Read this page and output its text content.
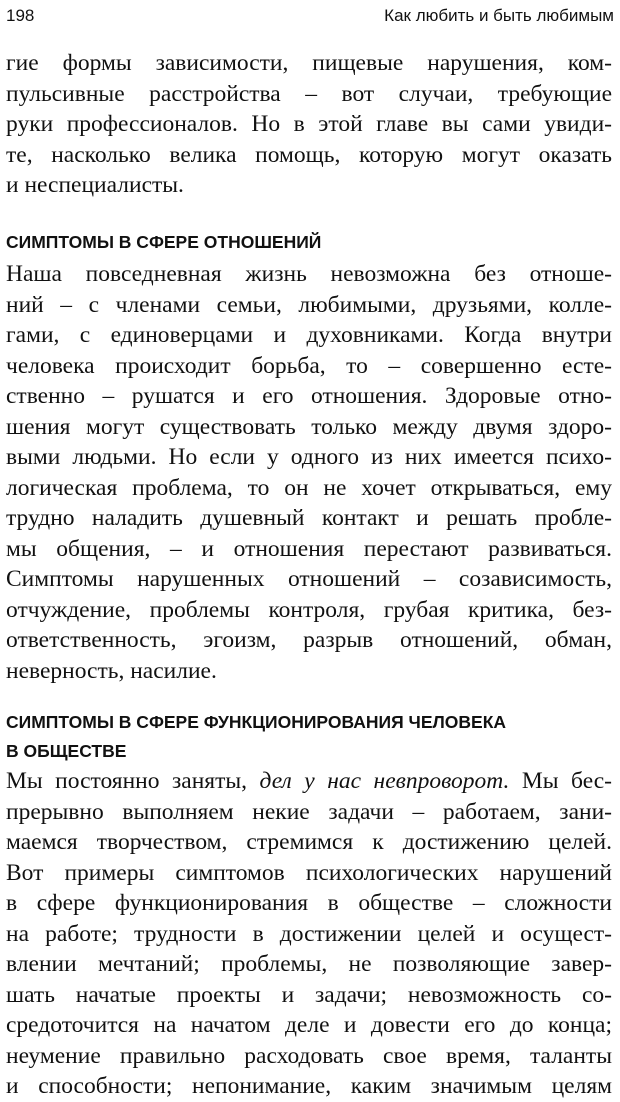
198	Как любить и быть любимым
гие формы зависимости, пищевые нарушения, ком-
пульсивные расстройства – вот случаи, требующие
руки профессионалов. Но в этой главе вы сами увиди-
те, насколько велика помощь, которую могут оказать
и неспециалисты.
СИМПТОМЫ В СФЕРЕ ОТНОШЕНИЙ
Наша повседневная жизнь невозможна без отноше-
ний – с членами семьи, любимыми, друзьями, колле-
гами, с единоверцами и духовниками. Когда внутри
человека происходит борьба, то – совершенно есте-
ственно – рушатся и его отношения. Здоровые отно-
шения могут существовать только между двумя здоро-
выми людьми. Но если у одного из них имеется психо-
логическая проблема, то он не хочет открываться, ему
трудно наладить душевный контакт и решать пробле-
мы общения, – и отношения перестают развиваться.
Симптомы нарушенных отношений – созависимость,
отчуждение, проблемы контроля, грубая критика, без-
ответственность, эгоизм, разрыв отношений, обман,
неверность, насилие.
СИМПТОМЫ В СФЕРЕ ФУНКЦИОНИРОВАНИЯ ЧЕЛОВЕКА
В ОБЩЕСТВЕ
Мы постоянно заняты, дел у нас невпроворот. Мы бес-
прерывно выполняем некие задачи – работаем, зани-
маемся творчеством, стремимся к достижению целей.
Вот примеры симптомов психологических нарушений
в сфере функционирования в обществе – сложности
на работе; трудности в достижении целей и осущест-
влении мечтаний; проблемы, не позволяющие завер-
шать начатые проекты и задачи; невозможность со-
средоточится на начатом деле и довести его до конца;
неумение правильно расходовать свое время, таланты
и способности; непонимание, каким значимым целям
